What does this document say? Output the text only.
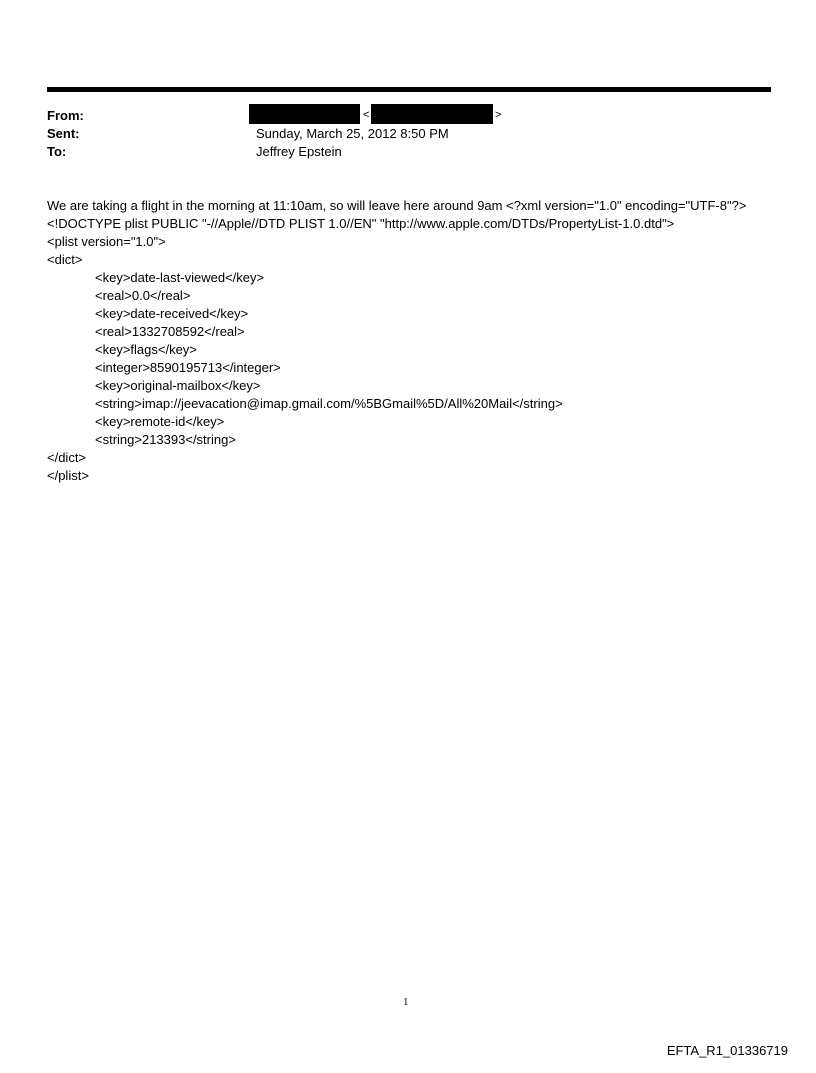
From:
Sent:
To:
<	>
Sunday, March 25, 2012 8:50 PM
Jeffrey Epstein

We are taking a flight in the morning at 11:10am, so will leave here around 9am <?xml version="1.0" encoding="UTF-8"?> <!DOCTYPE plist PUBLIC "-//Apple//DTD PLIST 1.0//EN" "http://www.apple.com/DTDs/PropertyList-1.0.dtd">

<plist version="1.0">

<dict>

<key>date-last-viewed</key>

<real>0.0</real>

<key>date-received</key>

<real>1332708592</real>

<key>flags</key>

<integer>8590195713</integer>

<key>original-mailbox</key>

<string>imap://jeevacation@imap.gmail.com/%5BGmail%5D/All%20Mail</string>

<key>remote-id</key>

<string>213393</string>

</dict>

</plist>

1
EFTA_R1_01336719
